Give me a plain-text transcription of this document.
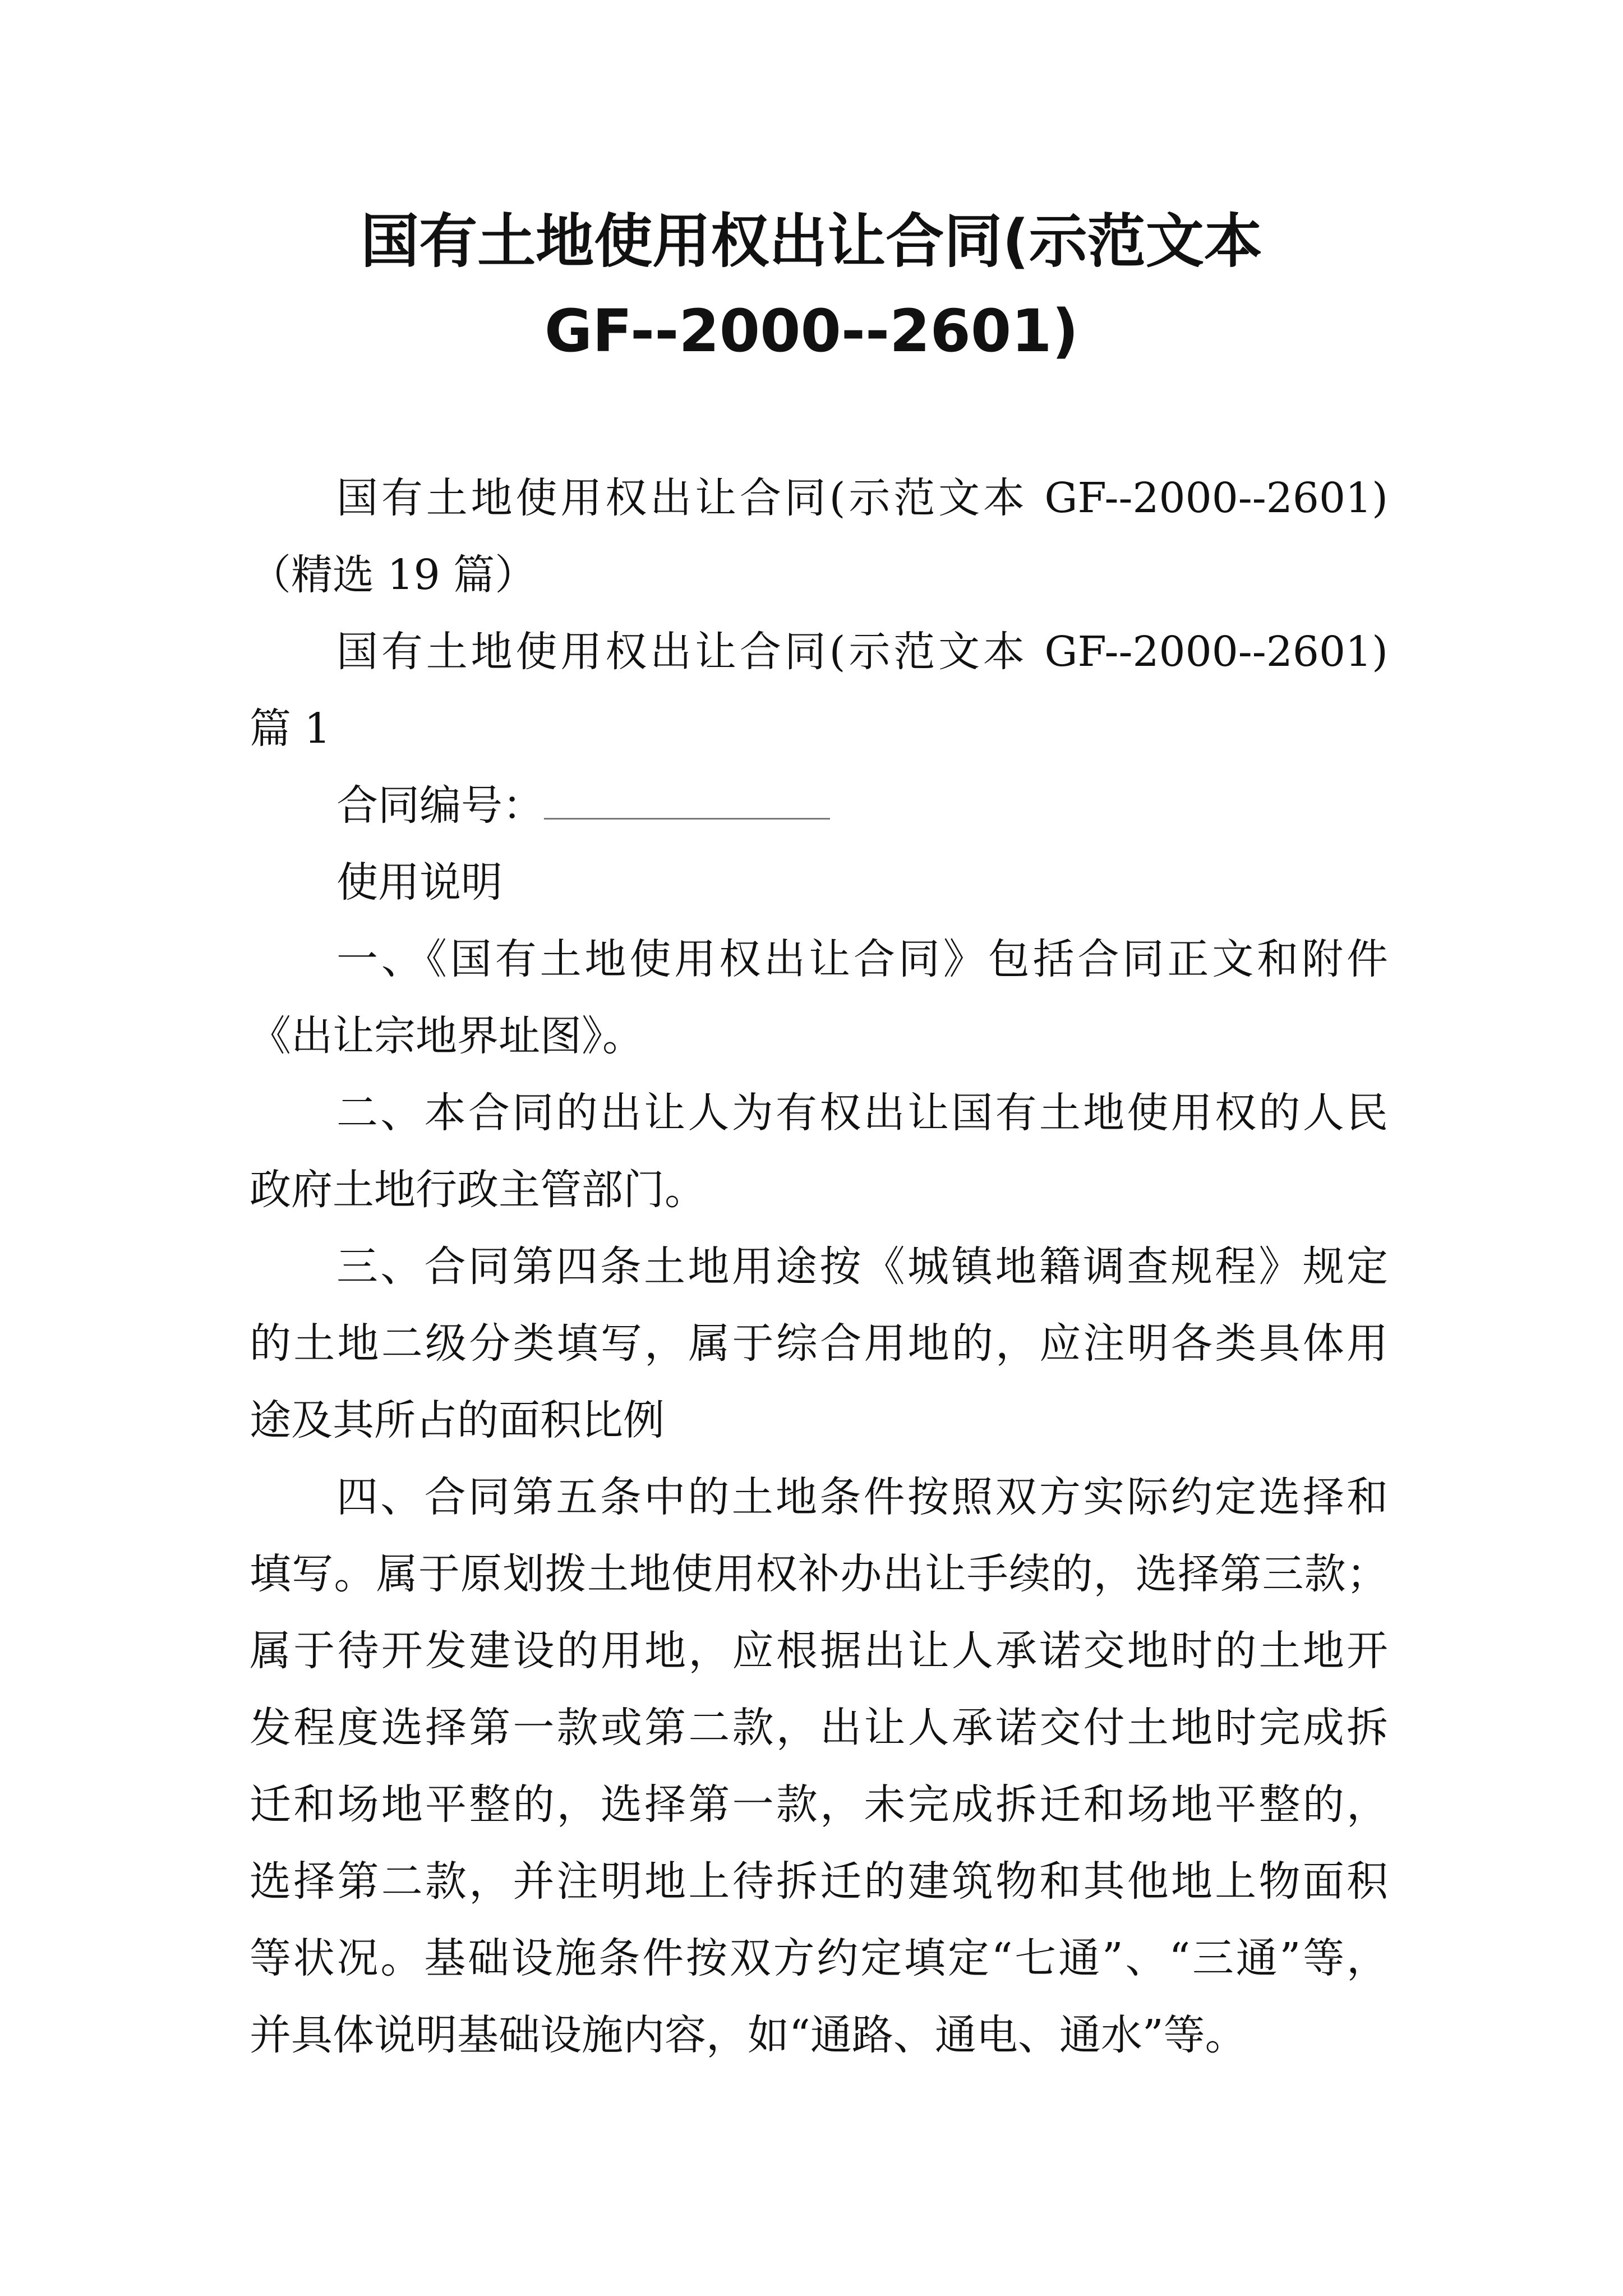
国有土地使用权出让合同(示范文本
GF--2000--2601)
国有土地使用权出让合同(示范文本 GF--2000--2601)
（精选 19 篇）
国有土地使用权出让合同(示范文本 GF--2000--2601)
篇 1
合同编号：
使用说明
一、《国有土地使用权出让合同》包括合同正文和附件
《出让宗地界址图》。
二、本合同的出让人为有权出让国有土地使用权的人民
政府土地行政主管部门。
三、合同第四条土地用途按《城镇地籍调查规程》规定
的土地二级分类填写，属于综合用地的，应注明各类具体用
途及其所占的面积比例
四、合同第五条中的土地条件按照双方实际约定选择和
填写。属于原划拨土地使用权补办出让手续的，选择第三款；
属于待开发建设的用地，应根据出让人承诺交地时的土地开
发程度选择第一款或第二款，出让人承诺交付土地时完成拆
迁和场地平整的，选择第一款，未完成拆迁和场地平整的，
选择第二款，并注明地上待拆迁的建筑物和其他地上物面积
等状况。基础设施条件按双方约定填定“七通”、“三通”等，
并具体说明基础设施内容，如“通路、通电、通水”等。
